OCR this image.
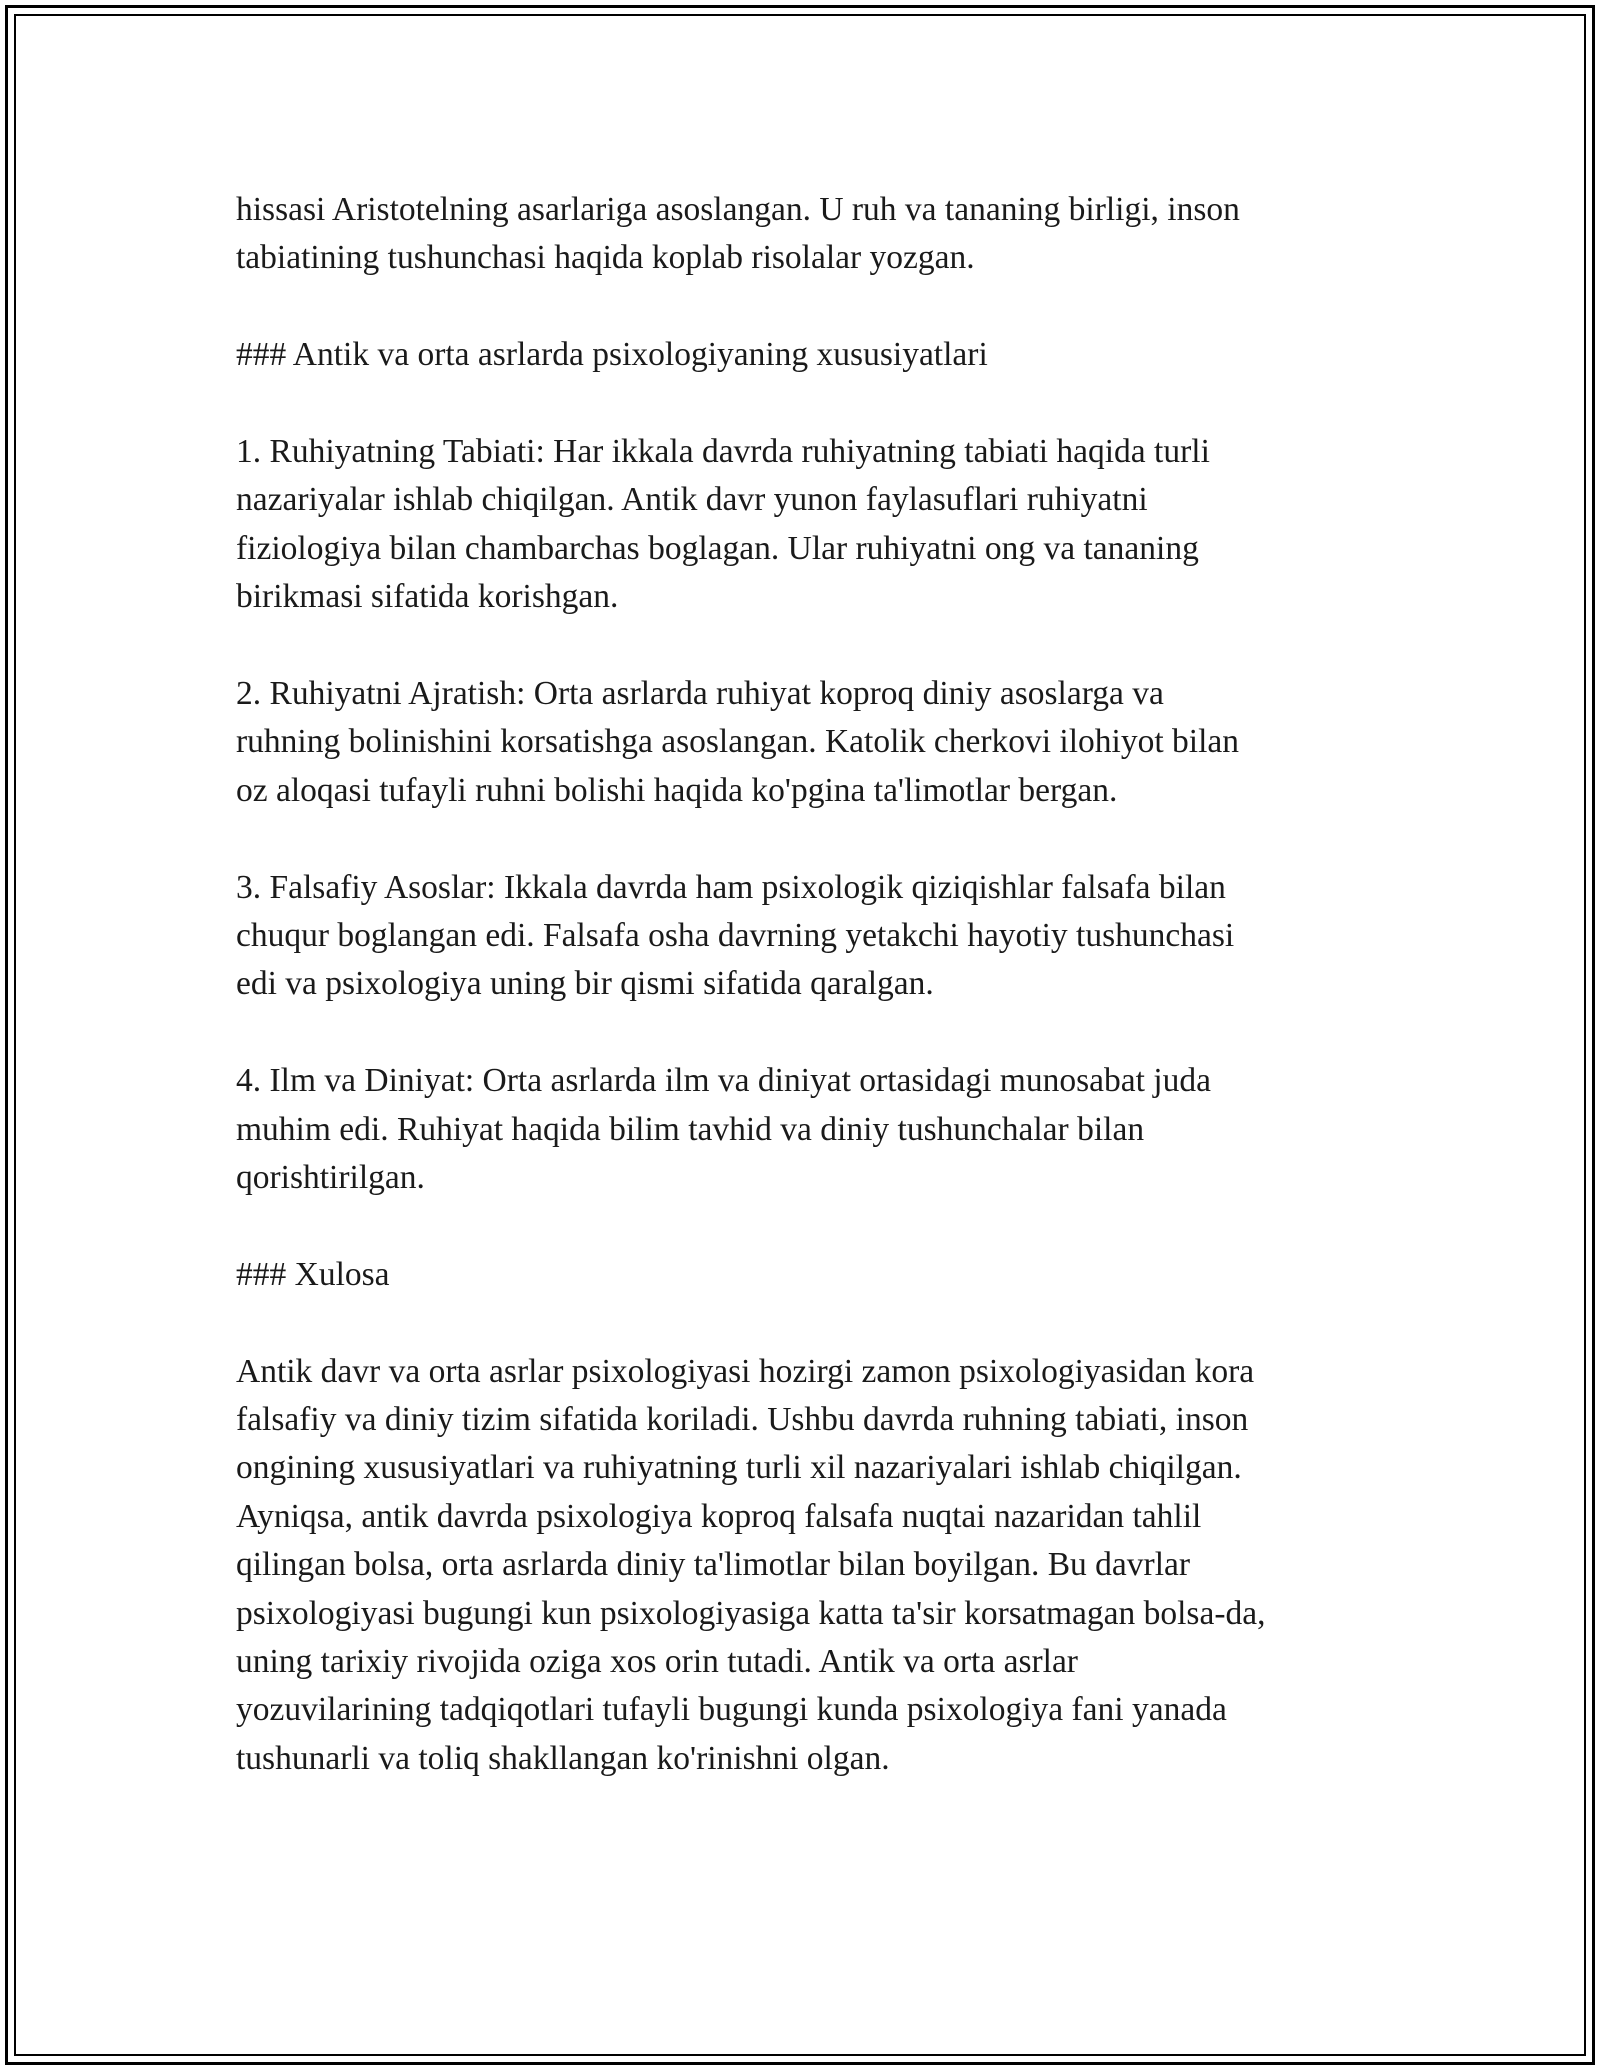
hissasi Aristotelning asarlariga asoslangan. U ruh va tananing birligi, inson
tabiatining tushunchasi haqida koplab risolalar yozgan.

### Antik va orta asrlarda psixologiyaning xususiyatlari

1. Ruhiyatning Tabiati: Har ikkala davrda ruhiyatning tabiati haqida turli
nazariyalar ishlab chiqilgan. Antik davr yunon faylasuflari ruhiyatni
fiziologiya bilan chambarchas boglagan. Ular ruhiyatni ong va tananing
birikmasi sifatida korishgan.

2. Ruhiyatni Ajratish: Orta asrlarda ruhiyat koproq diniy asoslarga va
ruhning bolinishini korsatishga asoslangan. Katolik cherkovi ilohiyot bilan
oz aloqasi tufayli ruhni bolishi haqida ko'pgina ta'limotlar bergan.

3. Falsafiy Asoslar: Ikkala davrda ham psixologik qiziqishlar falsafa bilan
chuqur boglangan edi. Falsafa osha davrning yetakchi hayotiy tushunchasi
edi va psixologiya uning bir qismi sifatida qaralgan.

4. Ilm va Diniyat: Orta asrlarda ilm va diniyat ortasidagi munosabat juda
muhim edi. Ruhiyat haqida bilim tavhid va diniy tushunchalar bilan
qorishtirilgan.

### Xulosa

Antik davr va orta asrlar psixologiyasi hozirgi zamon psixologiyasidan kora
falsafiy va diniy tizim sifatida koriladi. Ushbu davrda ruhning tabiati, inson
ongining xususiyatlari va ruhiyatning turli xil nazariyalari ishlab chiqilgan.
Ayniqsa, antik davrda psixologiya koproq falsafa nuqtai nazaridan tahlil
qilingan bolsa, orta asrlarda diniy ta'limotlar bilan boyilgan. Bu davrlar
psixologiyasi bugungi kun psixologiyasiga katta ta'sir korsatmagan bolsa-da,
uning tarixiy rivojida oziga xos orin tutadi. Antik va orta asrlar
yozuvilarining tadqiqotlari tufayli bugungi kunda psixologiya fani yanada
tushunarli va toliq shakllangan ko'rinishni olgan.
